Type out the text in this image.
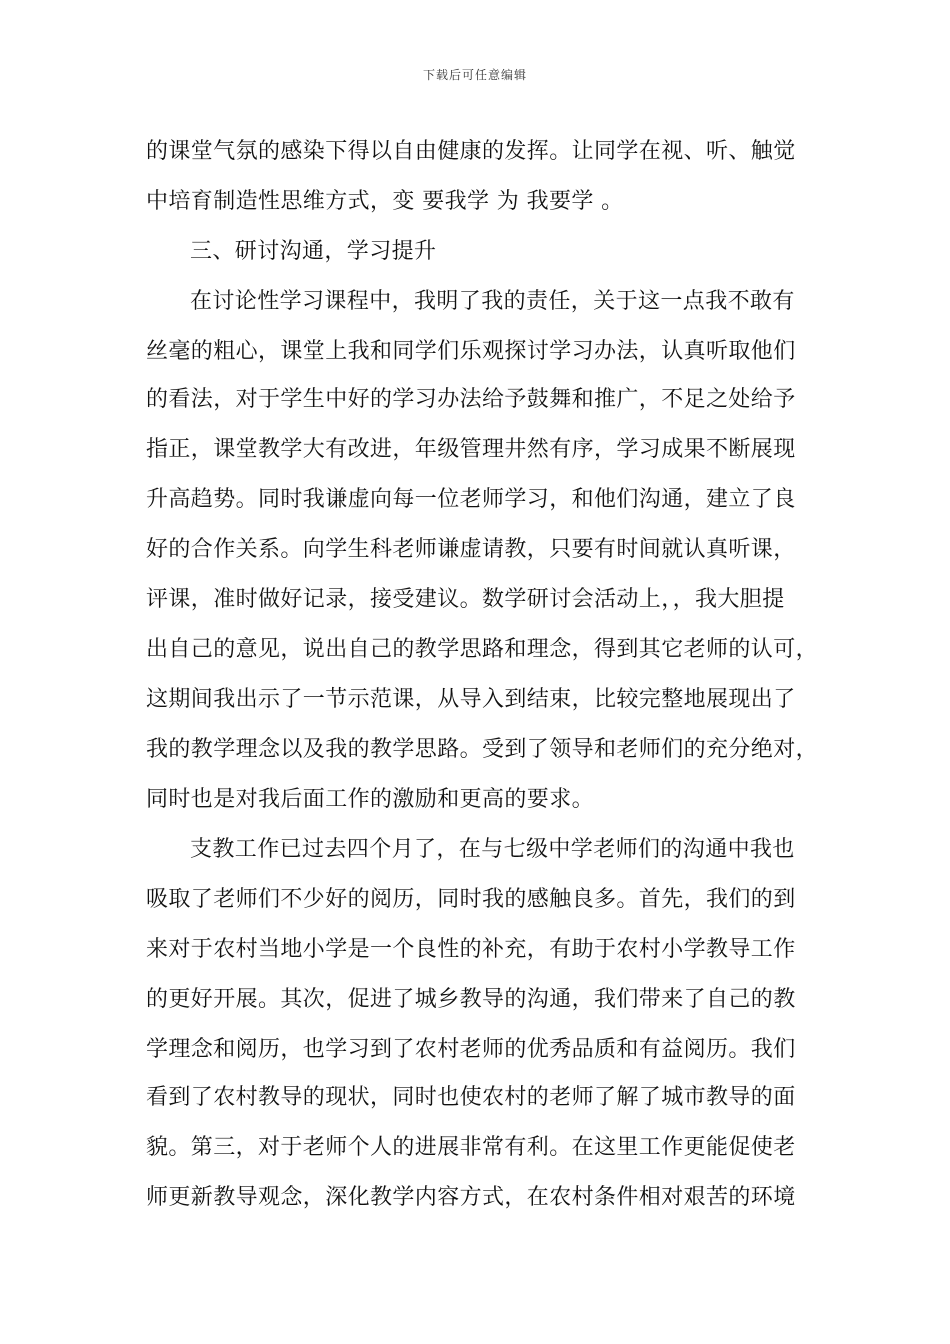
下载后可任意编辑
的课堂气氛的感染下得以自由健康的发挥。让同学在视、听、触觉
中培育制造性思维方式，变 要我学 为 我要学 。
三、研讨沟通，学习提升
在讨论性学习课程中，我明了我的责任，关于这一点我不敢有
丝毫的粗心，课堂上我和同学们乐观探讨学习办法，认真听取他们
的看法，对于学生中好的学习办法给予鼓舞和推广，不足之处给予
指正，课堂教学大有改进，年级管理井然有序，学习成果不断展现
升高趋势。同时我谦虚向每一位老师学习，和他们沟通，建立了良
好的合作关系。向学生科老师谦虚请教，只要有时间就认真听课，
评课，准时做好记录，接受建议。数学研讨会活动上，，我大胆提
出自己的意见，说出自己的教学思路和理念，得到其它老师的认可，
这期间我出示了一节示范课，从导入到结束，比较完整地展现出了
我的教学理念以及我的教学思路。受到了领导和老师们的充分绝对，
同时也是对我后面工作的激励和更高的要求。
支教工作已过去四个月了，在与七级中学老师们的沟通中我也
吸取了老师们不少好的阅历，同时我的感触良多。首先，我们的到
来对于农村当地小学是一个良性的补充，有助于农村小学教导工作
的更好开展。其次，促进了城乡教导的沟通，我们带来了自己的教
学理念和阅历，也学习到了农村老师的优秀品质和有益阅历。我们
看到了农村教导的现状，同时也使农村的老师了解了城市教导的面
貌。第三，对于老师个人的进展非常有利。在这里工作更能促使老
师更新教导观念，深化教学内容方式，在农村条件相对艰苦的环境
